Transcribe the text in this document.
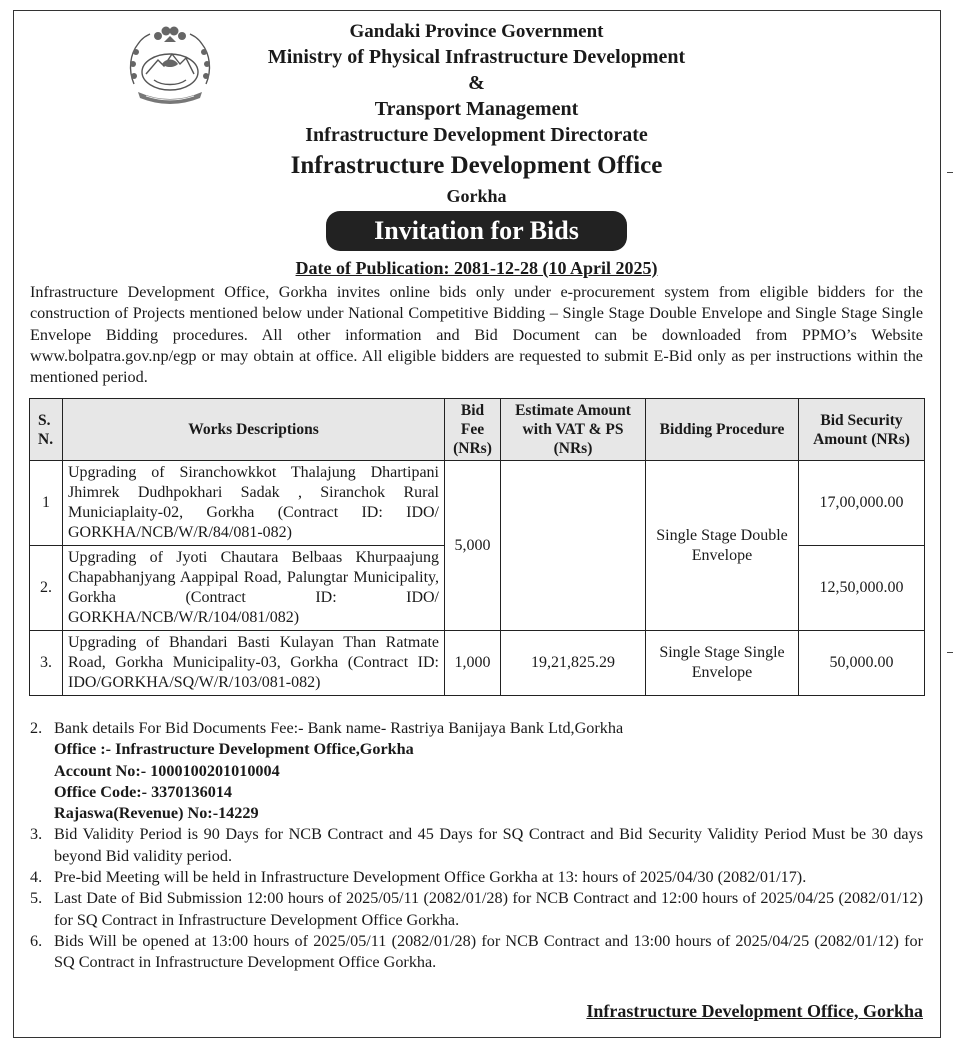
Gandaki Province Government
Ministry of Physical Infrastructure Development
&
Transport Management
Infrastructure Development Directorate
Infrastructure Development Office
Gorkha
Invitation for Bids
Date of Publication: 2081-12-28 (10 April 2025)

Infrastructure Development Office, Gorkha invites online bids only under e-procurement system from eligible bidders for the construction of Projects mentioned below under National Competitive Bidding – Single Stage Double Envelope and Single Stage Single Envelope Bidding procedures. All other information and Bid Document can be downloaded from PPMO’s Website www.bolpatra.gov.np/egp or may obtain at office. All eligible bidders are requested to submit E-Bid only as per instructions within the mentioned period.

S. N.	Works Descriptions	Bid Fee (NRs)	Estimate Amount with VAT & PS (NRs)	Bidding Procedure	Bid Security Amount (NRs)
1	Upgrading of Siranchowkkot Thalajung Dhartipani Jhimrek Dudhpokhari Sadak , Siranchok Rural Municiaplaity-02, Gorkha (Contract ID: IDO/ GORKHA/NCB/W/R/84/081-082)	5,000		Single Stage Double Envelope	17,00,000.00
2.	Upgrading of Jyoti Chautara Belbaas Khurpaajung Chapabhanjyang Aappipal Road, Palungtar Municipality, Gorkha (Contract ID: IDO/ GORKHA/NCB/W/R/104/081/082)				12,50,000.00
3.	Upgrading of Bhandari Basti Kulayan Than Ratmate Road, Gorkha Municipality-03, Gorkha (Contract ID: IDO/GORKHA/SQ/W/R/103/081-082)	1,000	19,21,825.29	Single Stage Single Envelope	50,000.00
2. Bank details For Bid Documents Fee:- Bank name- Rastriya Banijaya Bank Ltd,Gorkha
Office :- Infrastructure Development Office,Gorkha
Account No:- 1000100201010004
Office Code:- 3370136014
Rajaswa(Revenue) No:-14229
3. Bid Validity Period is 90 Days for NCB Contract and 45 Days for SQ Contract and Bid Security Validity Period Must be 30 days beyond Bid validity period.
4. Pre-bid Meeting will be held in Infrastructure Development Office Gorkha at 13: hours of 2025/04/30 (2082/01/17).
5. Last Date of Bid Submission 12:00 hours of 2025/05/11 (2082/01/28) for NCB Contract and 12:00 hours of 2025/04/25 (2082/01/12) for SQ Contract in Infrastructure Development Office Gorkha.
6. Bids Will be opened at 13:00 hours of 2025/05/11 (2082/01/28) for NCB Contract and 13:00 hours of 2025/04/25 (2082/01/12) for SQ Contract in Infrastructure Development Office Gorkha.
Infrastructure Development Office, Gorkha
